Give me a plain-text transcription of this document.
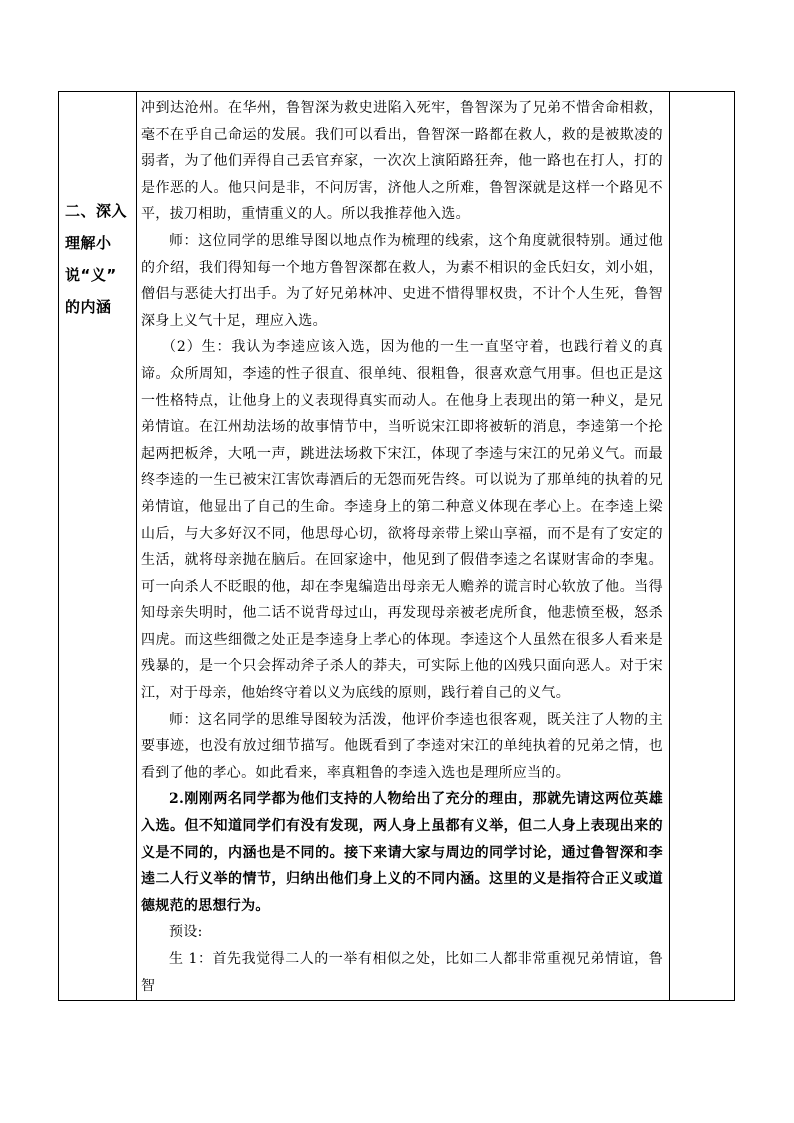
二、深入
理解小
说“义”
的内涵

冲到达沧州。在华州，鲁智深为救史进陷入死牢，鲁智深为了兄弟不惜舍命相救，毫不在乎自己命运的发展。我们可以看出，鲁智深一路都在救人，救的是被欺凌的弱者，为了他们弄得自己丢官弃家，一次次上演陌路狂奔，他一路也在打人，打的是作恶的人。他只问是非，不问厉害，济他人之所难，鲁智深就是这样一个路见不平，拔刀相助，重情重义的人。所以我推荐他入选。

师：这位同学的思维导图以地点作为梳理的线索，这个角度就很特别。通过他的介绍，我们得知每一个地方鲁智深都在救人，为素不相识的金氏妇女，刘小姐，僧侣与恶徒大打出手。为了好兄弟林冲、史进不惜得罪权贵，不计个人生死，鲁智深身上义气十足，理应入选。

（2）生：我认为李逵应该入选，因为他的一生一直坚守着，也践行着义的真谛。众所周知，李逵的性子很直、很单纯、很粗鲁，很喜欢意气用事。但也正是这一性格特点，让他身上的义表现得真实而动人。在他身上表现出的第一种义，是兄弟情谊。在江州劫法场的故事情节中，当听说宋江即将被斩的消息，李逵第一个抡起两把板斧，大吼一声，跳进法场救下宋江，体现了李逵与宋江的兄弟义气。而最终李逵的一生已被宋江害饮毒酒后的无怨而死告终。可以说为了那单纯的执着的兄弟情谊，他显出了自己的生命。李逵身上的第二种意义体现在孝心上。在李逵上梁山后，与大多好汉不同，他思母心切，欲将母亲带上梁山享福，而不是有了安定的生活，就将母亲抛在脑后。在回家途中，他见到了假借李逵之名谋财害命的李鬼。可一向杀人不眨眼的他，却在李鬼编造出母亲无人赡养的谎言时心软放了他。当得知母亲失明时，他二话不说背母过山，再发现母亲被老虎所食，他悲愤至极，怒杀四虎。而这些细微之处正是李逵身上孝心的体现。李逵这个人虽然在很多人看来是残暴的，是一个只会挥动斧子杀人的莽夫，可实际上他的凶残只面向恶人。对于宋江，对于母亲，他始终守着以义为底线的原则，践行着自己的义气。

师：这名同学的思维导图较为活泼，他评价李逵也很客观，既关注了人物的主要事迹，也没有放过细节描写。他既看到了李逵对宋江的单纯执着的兄弟之情，也看到了他的孝心。如此看来，率真粗鲁的李逵入选也是理所应当的。

2.刚刚两名同学都为他们支持的人物给出了充分的理由，那就先请这两位英雄入选。但不知道同学们有没有发现，两人身上虽都有义举，但二人身上表现出来的义是不同的，内涵也是不同的。接下来请大家与周边的同学讨论，通过鲁智深和李逵二人行义举的情节，归纳出他们身上义的不同内涵。这里的义是指符合正义或道德规范的思想行为。

预设:

生 1：首先我觉得二人的一举有相似之处，比如二人都非常重视兄弟情谊，鲁智
